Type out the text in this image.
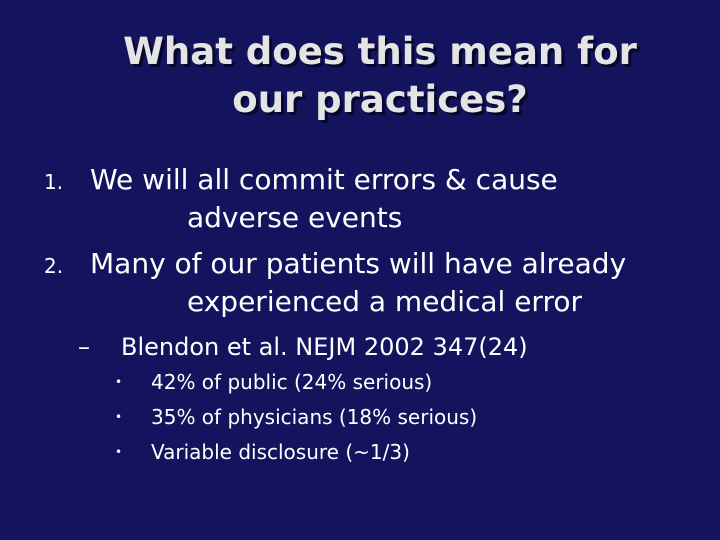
What does this mean for
our practices?
1. We will all commit errors & cause
adverse events
2. Many of our patients will have already
experienced a medical error
– Blendon et al. NEJM 2002 347(24)
• 42% of public (24% serious)
• 35% of physicians (18% serious)
• Variable disclosure (~1/3)
